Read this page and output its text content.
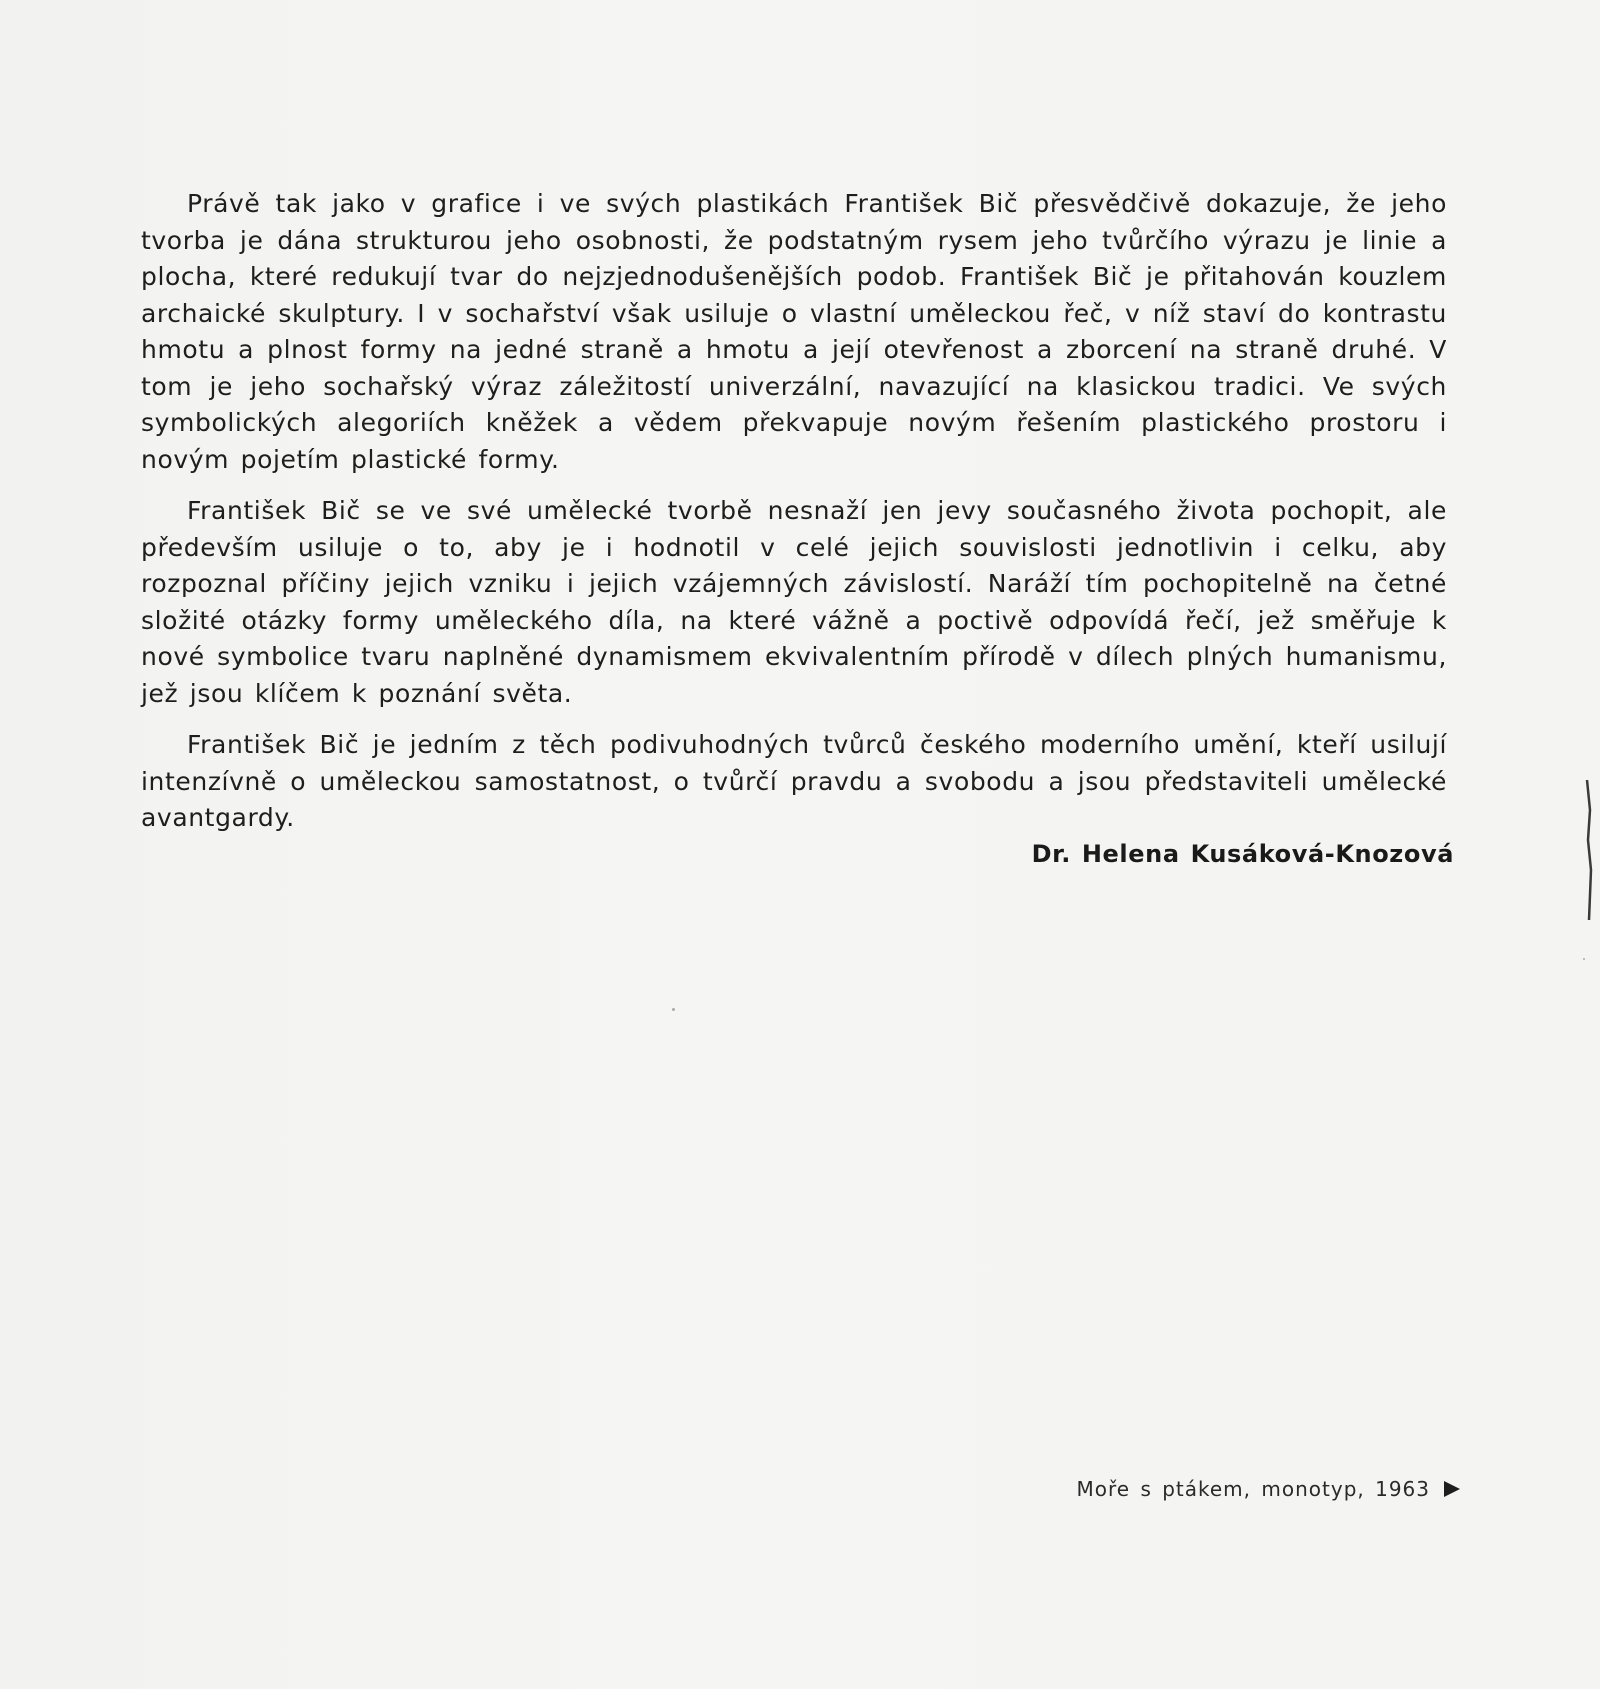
Právě tak jako v grafice i ve svých plastikách František Bič přesvědčivě dokazuje, že jeho tvorba je dána strukturou jeho osobnosti, že podstatným rysem jeho tvůrčího výrazu je linie a plocha, které redukují tvar do nejzjednodušenějších podob. František Bič je přitahován kouzlem archaické skulptury. I v sochařství však usiluje o vlastní uměleckou řeč, v níž staví do kontrastu hmotu a plnost formy na jedné straně a hmotu a její otevřenost a zborcení na straně druhé. V tom je jeho sochařský výraz záležitostí univerzální, navazující na klasickou tradici. Ve svých symbolických alegoriích kněžek a vědem překvapuje novým řešením plastického prostoru i novým pojetím plastické formy.

František Bič se ve své umělecké tvorbě nesnaží jen jevy současného života pochopit, ale především usiluje o to, aby je i hodnotil v celé jejich souvislosti jednotlivin i celku, aby rozpoznal příčiny jejich vzniku i jejich vzájemných závislostí. Naráží tím pochopitelně na četné složité otázky formy uměleckého díla, na které vážně a poctivě odpovídá řečí, jež směřuje k nové symbolice tvaru naplněné dynamismem ekvivalentním přírodě v dílech plných humanismu, jež jsou klíčem k poznání světa.

František Bič je jedním z těch podivuhodných tvůrců českého moderního umění, kteří usilují intenzívně o uměleckou samostatnost, o tvůrčí pravdu a svobodu a jsou představiteli umělecké avantgardy.

Dr. Helena Kusáková-Knozová
Moře s ptákem, monotyp, 1963
